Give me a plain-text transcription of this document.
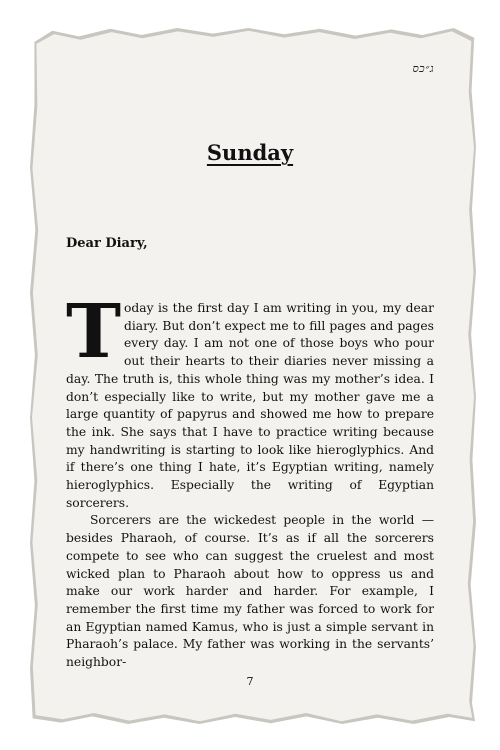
ג״כס
Sunday
Dear Diary,

Today is the first day I am writing in you, my dear diary. But don’t expect me to fill pages and pages every day. I am not one of those boys who pour out their hearts to their diaries never missing a day. The truth is, this whole thing was my mother’s idea. I don’t especially like to write, but my mother gave me a large quantity of papyrus and showed me how to prepare the ink. She says that I have to practice writing because my handwriting is starting to look like hieroglyphics. And if there’s one thing I hate, it’s Egyptian writing, namely hieroglyphics. Especially the writing of Egyptian sorcerers.

Sorcerers are the wickedest people in the world — besides Pharaoh, of course. It’s as if all the sorcerers compete to see who can suggest the cruelest and most wicked plan to Pharaoh about how to oppress us and make our work harder and harder. For example, I remember the first time my father was forced to work for an Egyptian named Kamus, who is just a simple servant in Pharaoh’s palace. My father was working in the servants’ neighbor-

7
